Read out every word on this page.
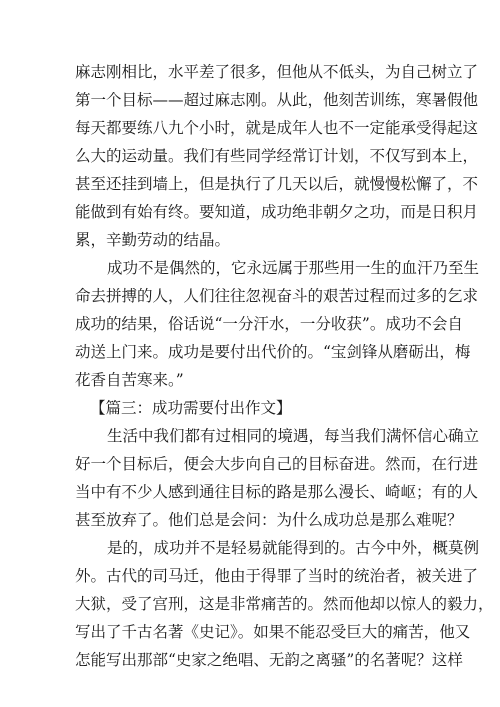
麻志刚相比，水平差了很多，但他从不低头，为自己树立了
第一个目标——超过麻志刚。从此，他刻苦训练，寒暑假他
每天都要练八九个小时，就是成年人也不一定能承受得起这
么大的运动量。我们有些同学经常订计划，不仅写到本上，
甚至还挂到墙上，但是执行了几天以后，就慢慢松懈了，不
能做到有始有终。要知道，成功绝非朝夕之功，而是日积月
累，辛勤劳动的结晶。
成功不是偶然的，它永远属于那些用一生的血汗乃至生
命去拼搏的人，人们往往忽视奋斗的艰苦过程而过多的乞求
成功的结果，俗话说“一分汗水，一分收获”。成功不会自
动送上门来。成功是要付出代价的。“宝剑锋从磨砺出，梅
花香自苦寒来。”
【篇三：成功需要付出作文】
生活中我们都有过相同的境遇，每当我们满怀信心确立
好一个目标后，便会大步向自己的目标奋进。然而，在行进
当中有不少人感到通往目标的路是那么漫长、崎岖；有的人
甚至放弃了。他们总是会问：为什么成功总是那么难呢？
是的，成功并不是轻易就能得到的。古今中外，概莫例
外。古代的司马迁，他由于得罪了当时的统治者，被关进了
大狱，受了宫刑，这是非常痛苦的。然而他却以惊人的毅力，
写出了千古名著《史记》。如果不能忍受巨大的痛苦，他又
怎能写出那部“史家之绝唱、无韵之离骚”的名著呢？这样
